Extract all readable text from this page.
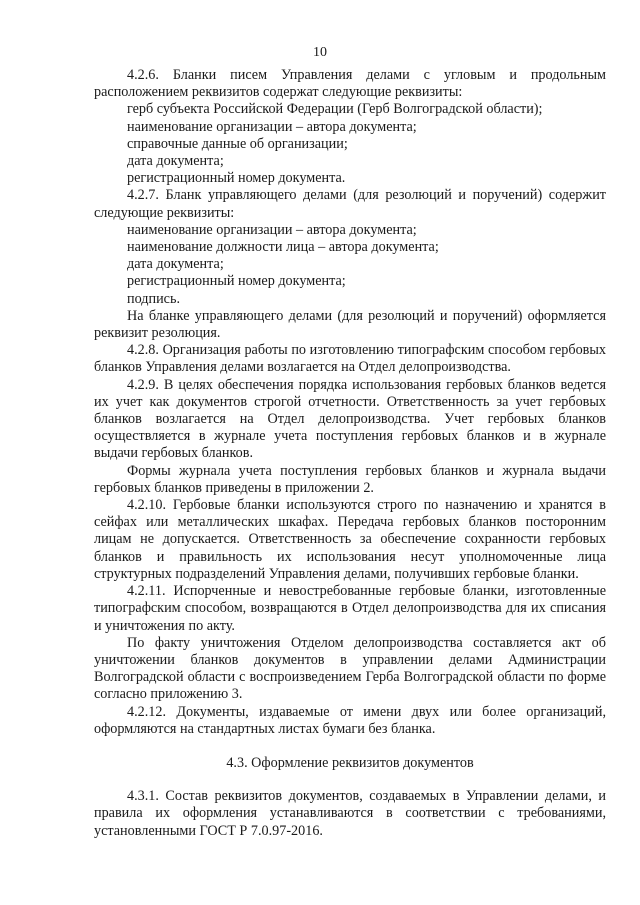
10

4.2.6. Бланки писем Управления делами с угловым и продольным расположением реквизитов содержат следующие реквизиты:

герб субъекта Российской Федерации (Герб Волгоградской области);

наименование организации – автора документа;

справочные данные об организации;

дата документа;

регистрационный номер документа.

4.2.7. Бланк управляющего делами (для резолюций и поручений) содержит следующие реквизиты:

наименование организации – автора документа;

наименование должности лица – автора документа;

дата документа;

регистрационный номер документа;

подпись.

На бланке управляющего делами (для резолюций и поручений) оформляется реквизит резолюция.

4.2.8. Организация работы по изготовлению типографским способом гербовых бланков Управления делами возлагается на Отдел делопроизводства.

4.2.9. В целях обеспечения порядка использования гербовых бланков ведется их учет как документов строгой отчетности. Ответственность за учет гербовых бланков возлагается на Отдел делопроизводства. Учет гербовых бланков осуществляется в журнале учета поступления гербовых бланков и в журнале выдачи гербовых бланков.

Формы журнала учета поступления гербовых бланков и журнала выдачи гербовых бланков приведены в приложении 2.

4.2.10. Гербовые бланки используются строго по назначению и хранятся в сейфах или металлических шкафах. Передача гербовых бланков посторонним лицам не допускается. Ответственность за обеспечение сохранности гербовых бланков и правильность их использования несут уполномоченные лица структурных подразделений Управления делами, получивших гербовые бланки.

4.2.11. Испорченные и невостребованные гербовые бланки, изготовленные типографским способом, возвращаются в Отдел делопроизводства для их списания и уничтожения по акту.

По факту уничтожения Отделом делопроизводства составляется акт об уничтожении бланков документов в управлении делами Администрации Волгоградской области с воспроизведением Герба Волгоградской области по форме согласно приложению 3.

4.2.12. Документы, издаваемые от имени двух или более организаций, оформляются на стандартных листах бумаги без бланка.

4.3. Оформление реквизитов документов

4.3.1. Состав реквизитов документов, создаваемых в Управлении делами, и правила их оформления устанавливаются в соответствии с требованиями, установленными ГОСТ Р 7.0.97-2016.
